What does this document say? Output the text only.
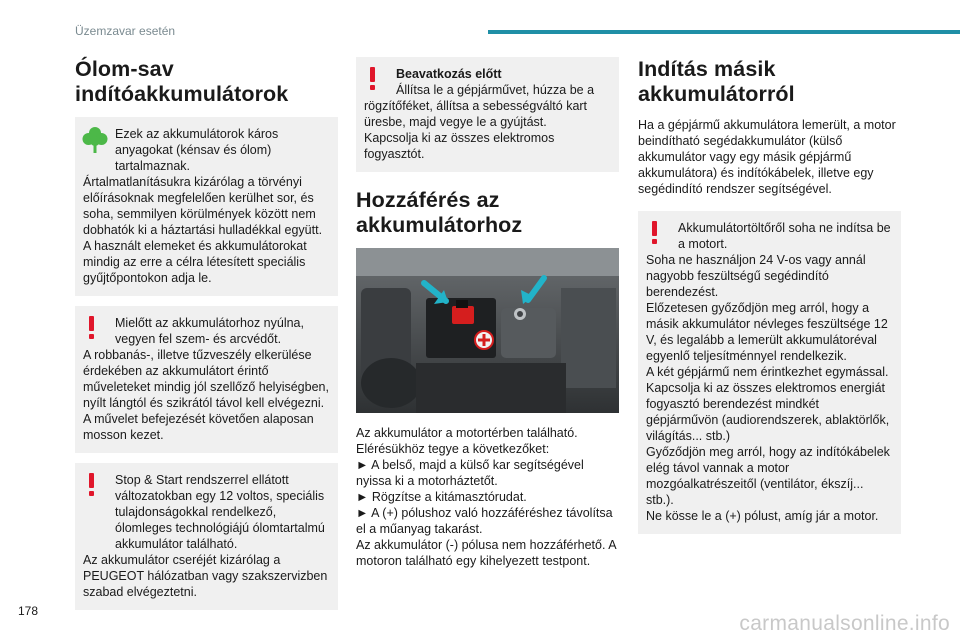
Üzemzavar esetén
Ólom-sav
indítóakkumulátorok

Ezek az akkumulátorok káros anyagokat (kénsav és ólom) tartalmaznak.

Ártalmatlanításukra kizárólag a törvényi előírásoknak megfelelően kerülhet sor, és soha, semmilyen körülmények között nem dobhatók ki a háztartási hulladékkal együtt.
A használt elemeket és akkumulátorokat mindig az erre a célra létesített speciális gyűjtőpontokon adja le.

Mielőtt az akkumulátorhoz nyúlna, vegyen fel szem- és arcvédőt.

A robbanás-, illetve tűzveszély elkerülése érdekében az akkumulátort érintő műveleteket mindig jól szellőző helyiségben, nyílt lángtól és szikrától távol kell elvégezni.
A művelet befejezését követően alaposan mosson kezet.

Stop & Start rendszerrel ellátott változatokban egy 12 voltos, speciális tulajdonságokkal rendelkező, ólomleges technológiájú ólomtartalmú akkumulátor található.

Az akkumulátor cseréjét kizárólag a PEUGEOT hálózatban vagy szakszervizben szabad elvégeztetni.

Beavatkozás előtt

Állítsa le a gépjárművet, húzza be a rögzítőféket, állítsa a sebességváltó kart üresbe, majd vegye le a gyújtást.

Kapcsolja ki az összes elektromos fogyasztót.

Hozzáférés az
akkumulátorhoz

Az akkumulátor a motortérben található.
Elérésükhöz tegye a következőket:
► A belső, majd a külső kar segítségével nyissa ki a motorháztetőt.
► Rögzítse a kitámasztórudat.
► A (+) pólushoz való hozzáféréshez távolítsa el a műanyag takarást.
Az akkumulátor (-) pólusa nem hozzáférhető. A motoron található egy kihelyezett testpont.

Indítás másik
akkumulátorról

Ha a gépjármű akkumulátora lemerült, a motor beindítható segédakkumulátor (külső akkumulátor vagy egy másik gépjármű akkumulátora) és indítókábelek, illetve egy segédindító rendszer segítségével.

Akkumulátortöltőről soha ne indítsa be a motort.

Soha ne használjon 24 V-os vagy annál nagyobb feszültségű segédindító berendezést.
Előzetesen győződjön meg arról, hogy a másik akkumulátor névleges feszültsége 12 V, és legalább a lemerült akkumulátoréval egyenlő teljesítménnyel rendelkezik.
A két gépjármű nem érintkezhet egymással.
Kapcsolja ki az összes elektromos energiát fogyasztó berendezést mindkét gépjárművön (audiorendszerek, ablaktörlők, világítás... stb.)
Győződjön meg arról, hogy az indítókábelek elég távol vannak a motor mozgóalkatrészeitől (ventilátor, ékszíj... stb.).
Ne kösse le a (+) pólust, amíg jár a motor.

178
carmanualsonline.info
